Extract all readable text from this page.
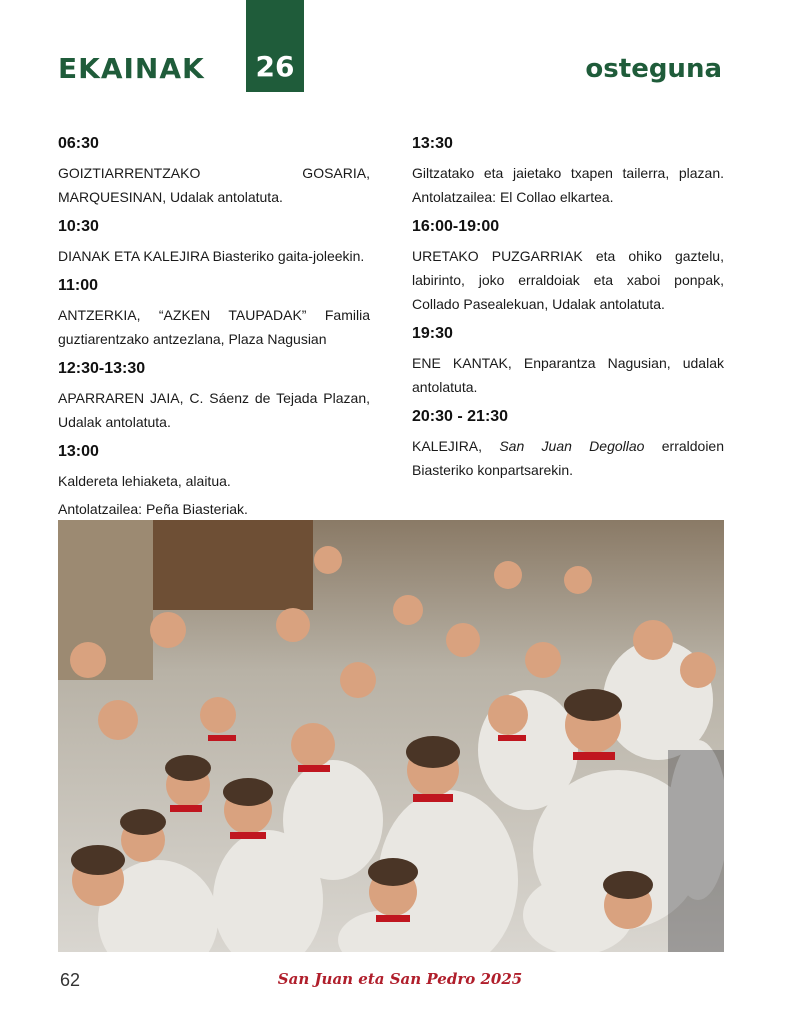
EKAINAK	26	osteguna
06:30
GOIZTIARRENTZAKO GOSARIA, MARQUESINAN, Udalak antolatuta.
10:30
DIANAK ETA KALEJIRA Biasteriko gaita-joleekin.
11:00
ANTZERKIA, “AZKEN TAUPADAK” Familia guztiarentzako antzezlana, Plaza Nagusian
12:30-13:30
APARRAREN JAIA, C. Sáenz de Tejada Plazan, Udalak antolatuta.
13:00
Kaldereta lehiaketa, alaitua.
Antolatzailea: Peña Biasteriak.
13:30
Giltzatako eta jaietako txapen tailerra, plazan. Antolatzailea: El Collao elkartea.
16:00-19:00
URETAKO PUZGARRIAK eta ohiko gaztelu, labirinto, joko erraldoiak eta xaboi ponpak, Collado Pasealekuan, Udalak antolatuta.
19:30
ENE KANTAK, Enparantza Nagusian, udalak antolatuta.
20:30 - 21:30
KALEJIRA, San Juan Degollao erraldoien Biasteriko konpartsarekin.
62	San Juan eta San Pedro 2025
